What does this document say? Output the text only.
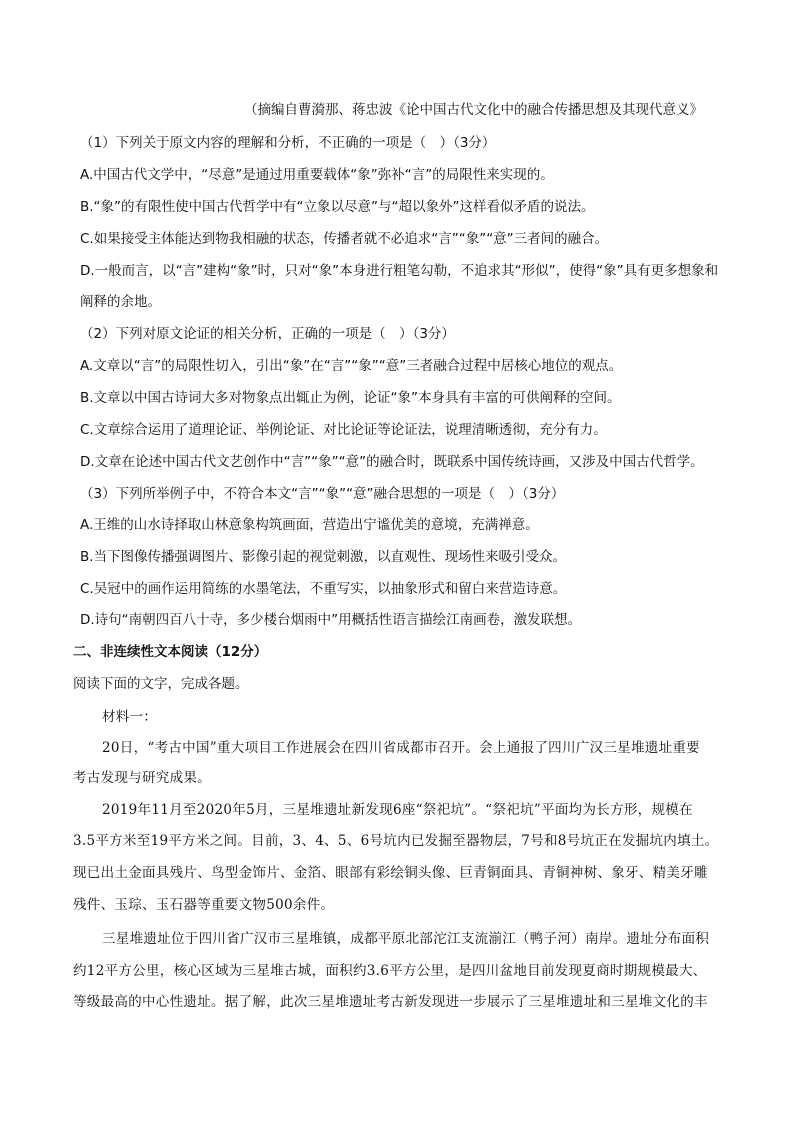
（摘编自曹漪那、蒋忠波《论中国古代文化中的融合传播思想及其现代意义》
（1）下列关于原文内容的理解和分析，不正确的一项是（　）（3分）
A.中国古代文学中，“尽意”是通过用重要载体“象”弥补“言”的局限性来实现的。
B.“象”的有限性使中国古代哲学中有“立象以尽意”与“超以象外”这样看似矛盾的说法。
C.如果接受主体能达到物我相融的状态，传播者就不必追求“言”“象”“意”三者间的融合。
D.一般而言，以“言”建构“象”时，只对“象”本身进行粗笔勾勒，不追求其“形似”，使得“象”具有更多想象和
阐释的余地。
（2）下列对原文论证的相关分析，正确的一项是（　）（3分）
A.文章以“言”的局限性切入，引出“象”在“言”“象”“意”三者融合过程中居核心地位的观点。
B.文章以中国古诗词大多对物象点出辄止为例，论证“象”本身具有丰富的可供阐释的空间。
C.文章综合运用了道理论证、举例论证、对比论证等论证法，说理清晰透彻，充分有力。
D.文章在论述中国古代文艺创作中“言”“象”“意”的融合时，既联系中国传统诗画，又涉及中国古代哲学。
（3）下列所举例子中，不符合本文“言”“象”“意”融合思想的一项是（　）（3分）
A.王维的山水诗择取山林意象构筑画面，营造出宁谧优美的意境，充满禅意。
B.当下图像传播强调图片、影像引起的视觉刺激，以直观性、现场性来吸引受众。
C.吴冠中的画作运用简练的水墨笔法，不重写实，以抽象形式和留白来营造诗意。
D.诗句“南朝四百八十寺，多少楼台烟雨中”用概括性语言描绘江南画卷，激发联想。
二、非连续性文本阅读（12分）
阅读下面的文字，完成各题。
材料一：
20日，“考古中国”重大项目工作进展会在四川省成都市召开。会上通报了四川广汉三星堆遗址重要
考古发现与研究成果。
2019年11月至2020年5月，三星堆遗址新发现6座“祭祀坑”。“祭祀坑”平面均为长方形，规模在
3.5平方米至19平方米之间。目前，3、4、5、6号坑内已发掘至器物层，7号和8号坑正在发掘坑内填土。
现已出土金面具残片、鸟型金饰片、金箔、眼部有彩绘铜头像、巨青铜面具、青铜神树、象牙、精美牙雕
残件、玉琮、玉石器等重要文物500余件。
三星堆遗址位于四川省广汉市三星堆镇，成都平原北部沱江支流湔江（鸭子河）南岸。遗址分布面积
约12平方公里，核心区域为三星堆古城，面积约3.6平方公里，是四川盆地目前发现夏商时期规模最大、
等级最高的中心性遗址。据了解，此次三星堆遗址考古新发现进一步展示了三星堆遗址和三星堆文化的丰
